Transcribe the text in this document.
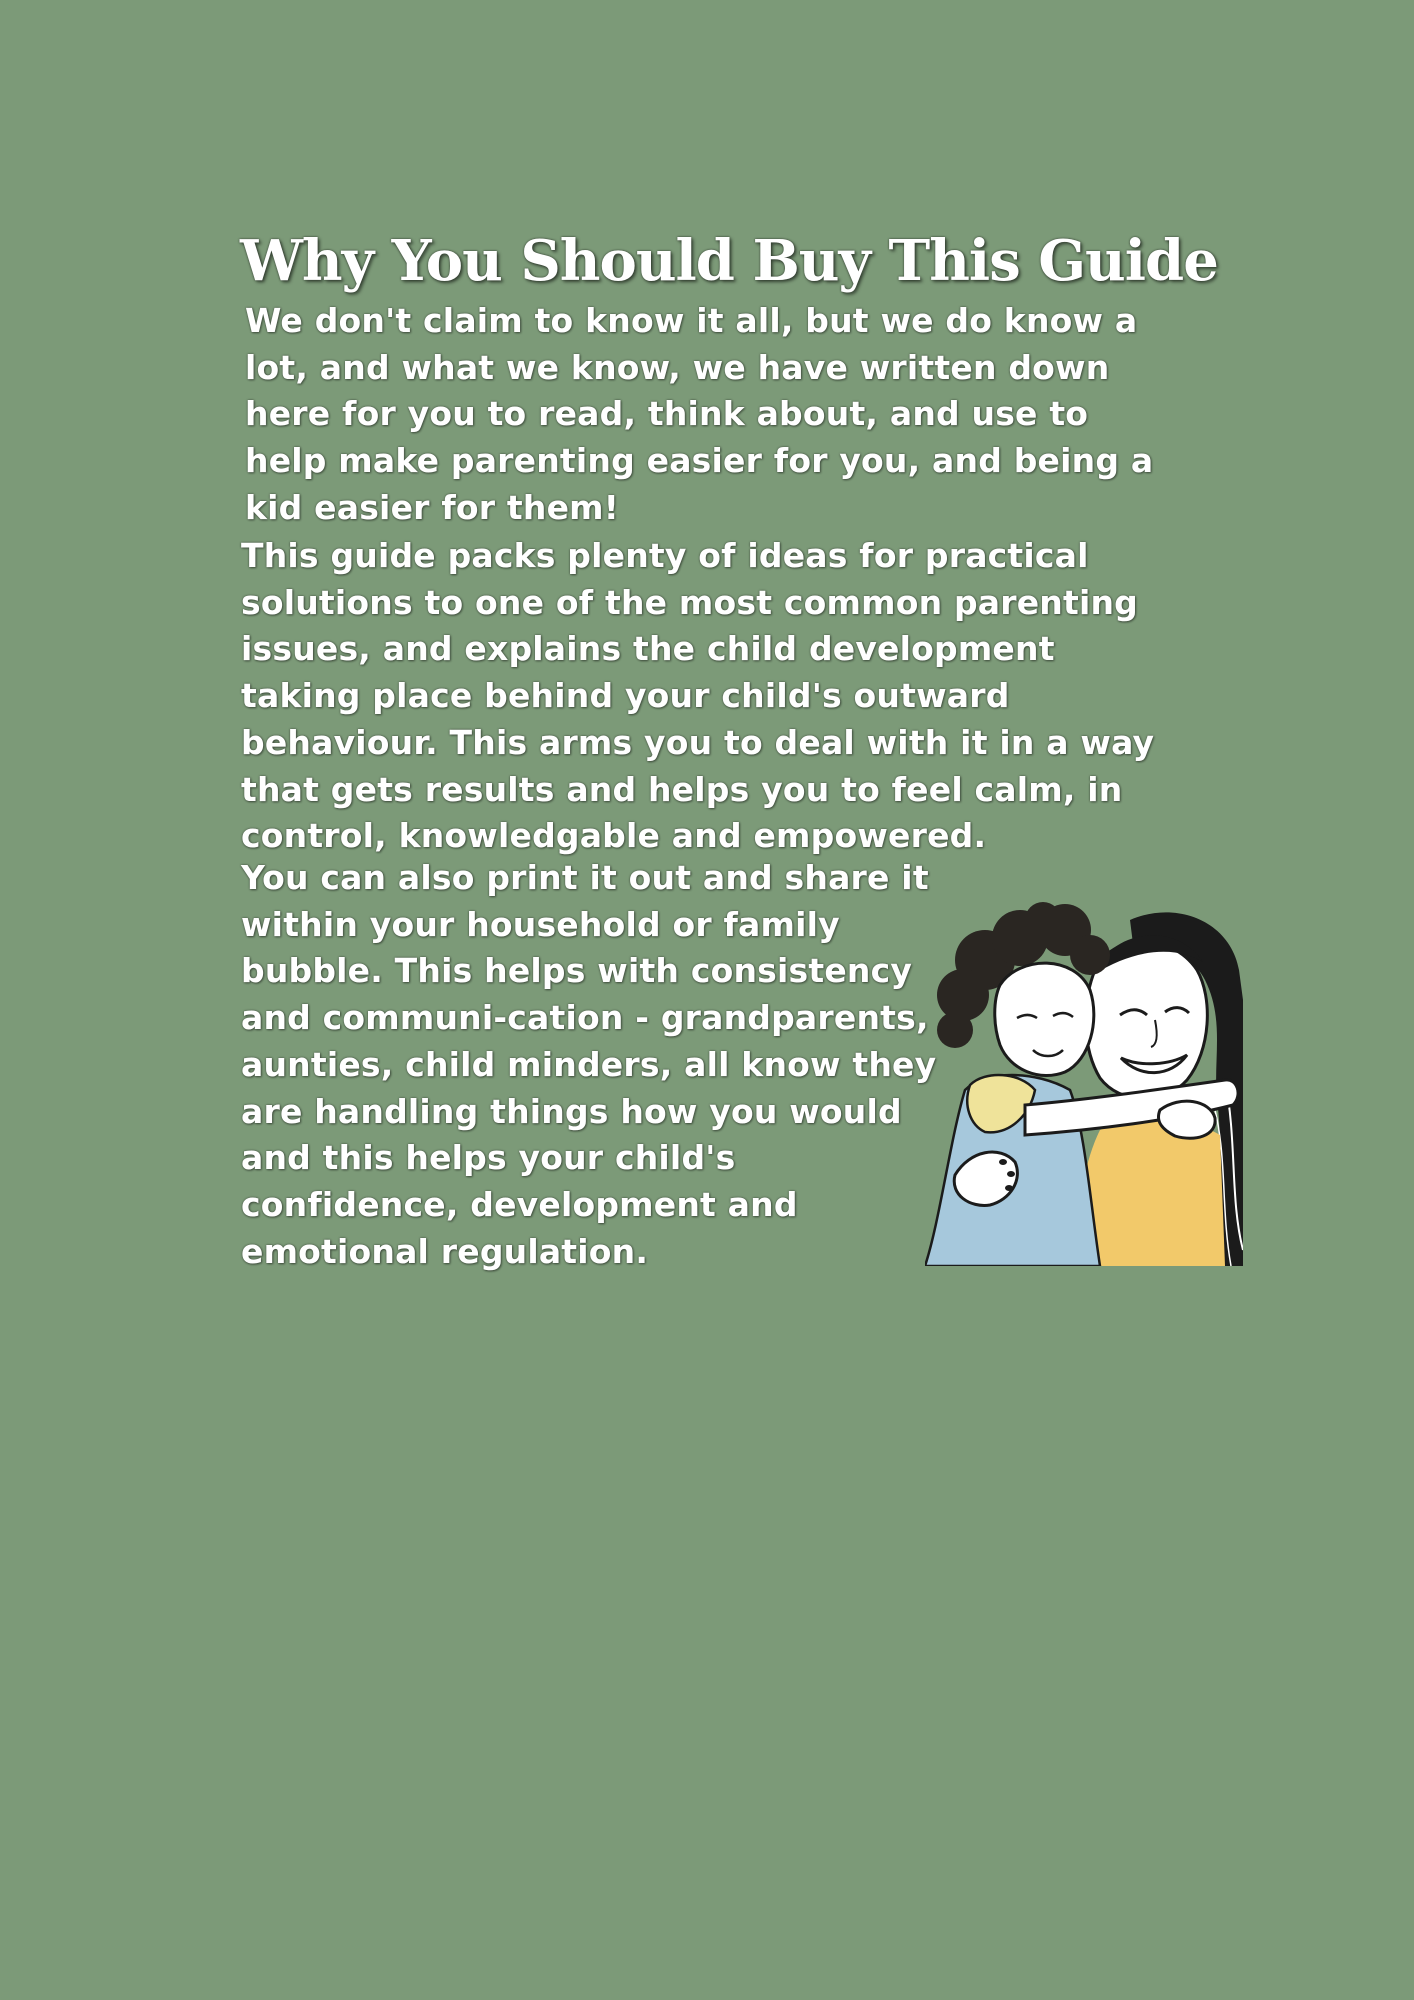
Why You Should Buy This Guide

We don't claim to know it all, but we do know a lot, and what we know, we have written down here for you to read, think about, and use to help make parenting easier for you, and being a kid easier for them!

This guide packs plenty of ideas for practical solutions to one of the most common parenting issues, and explains the child development taking place behind your child's outward behaviour. This arms you to deal with it in a way that gets results and helps you to feel calm, in control, knowledgable and empowered.

You can also print it out and share it within your household or family bubble. This helps with consistency and communi-cation - grandparents, aunties, child minders, all know they are handling things how you would and this helps your child's confidence, development and emotional regulation.
